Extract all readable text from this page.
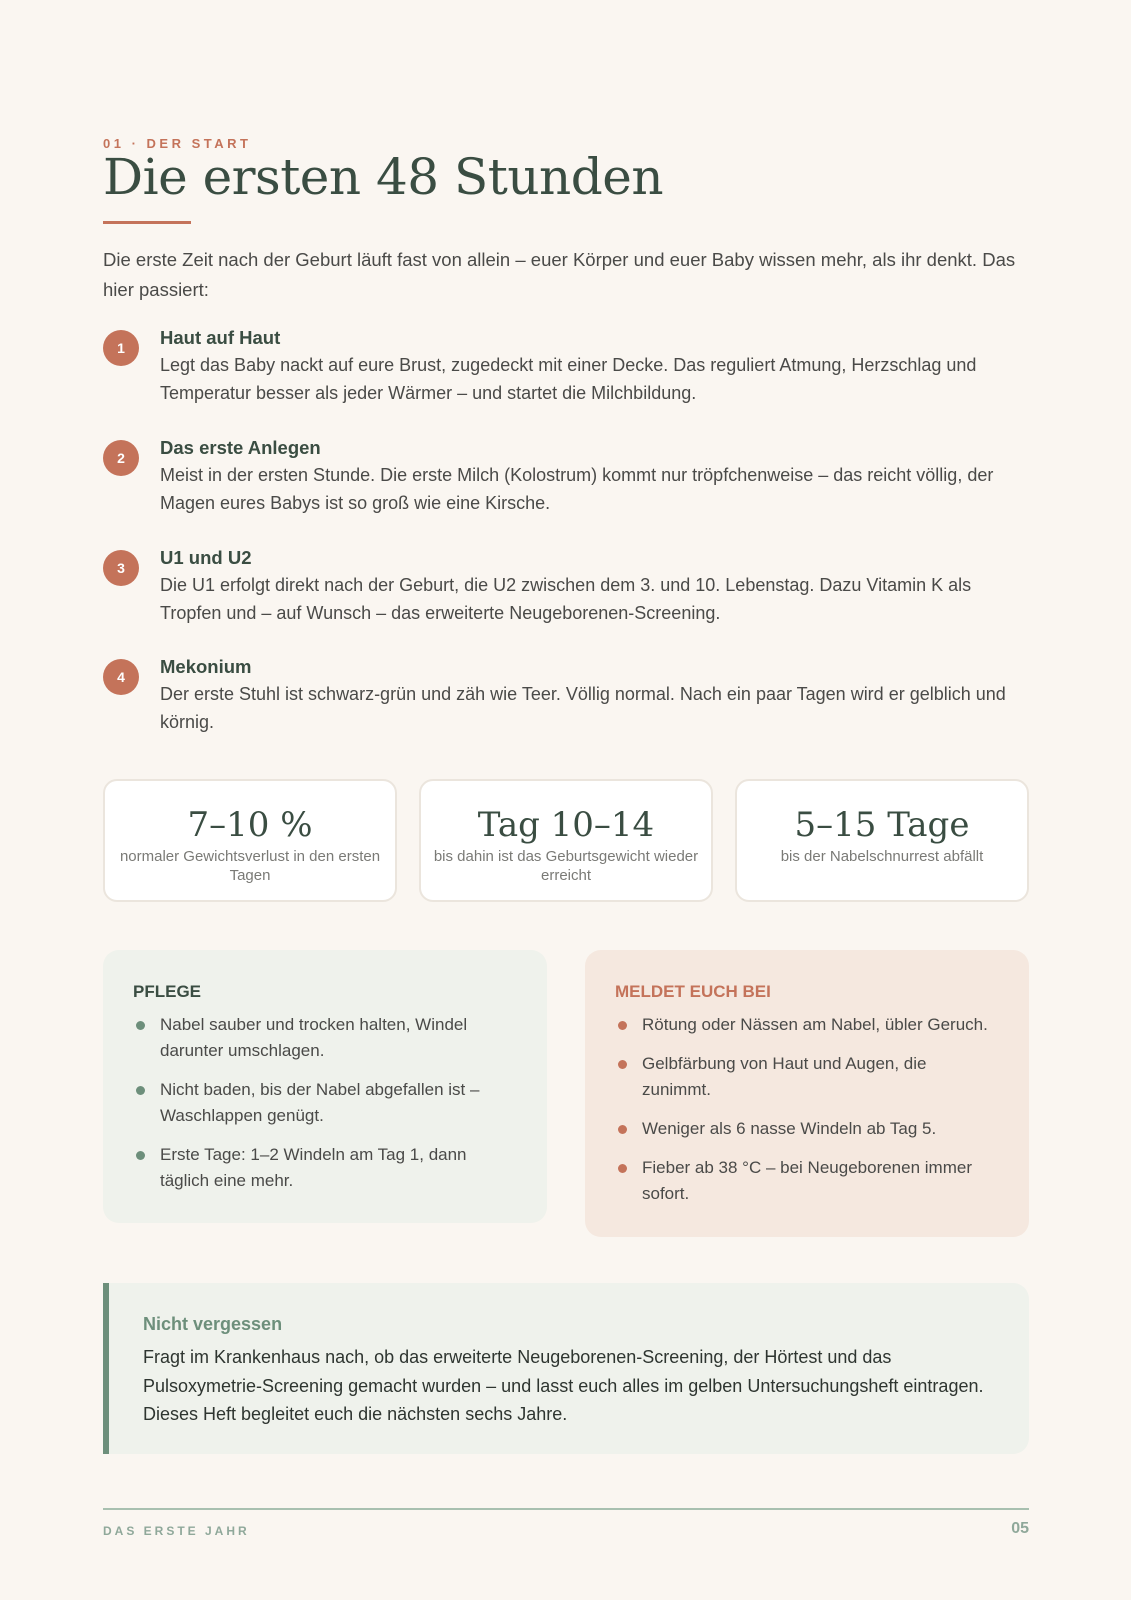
01 · DER START
Die ersten 48 Stunden

Die erste Zeit nach der Geburt läuft fast von allein – euer Körper und euer Baby wissen mehr, als ihr denkt. Das hier passiert:

1	Haut auf Haut
Legt das Baby nackt auf eure Brust, zugedeckt mit einer Decke. Das reguliert Atmung, Herzschlag und Temperatur besser als jeder Wärmer – und startet die Milchbildung.
2	Das erste Anlegen
Meist in der ersten Stunde. Die erste Milch (Kolostrum) kommt nur tröpfchenweise – das reicht völlig, der Magen eures Babys ist so groß wie eine Kirsche.
3	U1 und U2
Die U1 erfolgt direkt nach der Geburt, die U2 zwischen dem 3. und 10. Lebenstag. Dazu Vitamin K als Tropfen und – auf Wunsch – das erweiterte Neugeborenen-Screening.
4	Mekonium
Der erste Stuhl ist schwarz-grün und zäh wie Teer. Völlig normal. Nach ein paar Tagen wird er gelblich und körnig.
7–10 %
normaler Gewichtsverlust in den ersten Tagen
Tag 10–14
bis dahin ist das Geburtsgewicht wieder erreicht
5–15 Tage
bis der Nabelschnurrest abfällt
PFLEGE
Nabel sauber und trocken halten, Windel darunter umschlagen.
Nicht baden, bis der Nabel abgefallen ist – Waschlappen genügt.
Erste Tage: 1–2 Windeln am Tag 1, dann täglich eine mehr.
MELDET EUCH BEI
Rötung oder Nässen am Nabel, übler Geruch.
Gelbfärbung von Haut und Augen, die zunimmt.
Weniger als 6 nasse Windeln ab Tag 5.
Fieber ab 38 °C – bei Neugeborenen immer sofort.
Nicht vergessen
Fragt im Krankenhaus nach, ob das erweiterte Neugeborenen-Screening, der Hörtest und das Pulsoxymetrie-Screening gemacht wurden – und lasst euch alles im gelben Untersuchungsheft eintragen. Dieses Heft begleitet euch die nächsten sechs Jahre.
DAS ERSTE JAHR	05
